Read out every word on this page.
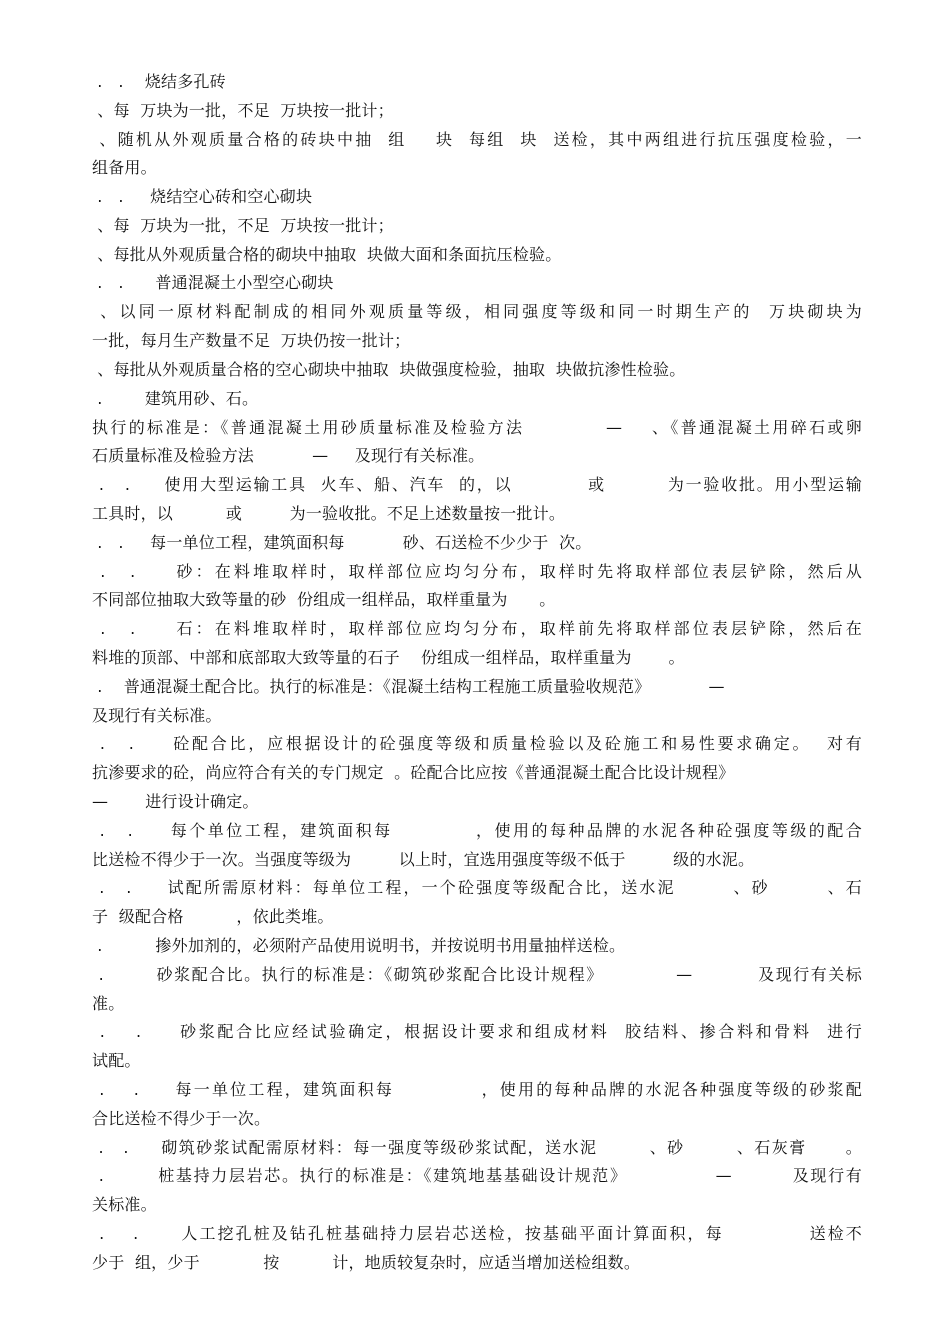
.   .    烧结多孔砖
、每  万块为一批，不足  万块按一批计；
、随机从外观质量合格的砖块中抽  组    块  每组  块  送检，其中两组进行抗压强度检验，一
组备用。
.   .     烧结空心砖和空心砌块
、每  万块为一批，不足  万块按一批计；
、每批从外观质量合格的砌块中抽取  块做大面和条面抗压检验。
.   .      普通混凝土小型空心砌块
、以同一原材料配制成的相同外观质量等级，相同强度等级和同一时期生产的  万块砌块为
一批，每月生产数量不足  万块仍按一批计；
、每批从外观质量合格的空心砌块中抽取  块做强度检验，抽取  块做抗渗性检验。
.        建筑用砂、石。
执行的标准是：《普通混凝土用砂质量标准及检验方法           —    、《普通混凝土用碎石或卵
石质量标准及检验方法           —     及现行有关标准。
.   .     使用大型运输工具  火车、船、汽车  的，以           或         为一验收批。用小型运输
工具时，以          或         为一验收批。不足上述数量按一批计。
.   .     每一单位工程，建筑面积每           砂、石送检不少少于  次。
.   .     砂：在料堆取样时，取样部位应均匀分布，取样时先将取样部位表层铲除，然后从
不同部位抽取大致等量的砂  份组成一组样品，取样重量为      。
.   .     石：在料堆取样时，取样部位应均匀分布，取样前先将取样部位表层铲除，然后在
料堆的顶部、中部和底部取大致等量的石子    份组成一组样品，取样重量为       。
.    普通混凝土配合比。执行的标准是：《混凝土结构工程施工质量验收规范》           —
及现行有关标准。
.   .     砼配合比，应根据设计的砼强度等级和质量检验以及砼施工和易性要求确定。  对有
抗渗要求的砼，尚应符合有关的专门规定  。砼配合比应按《普通混凝土配合比设计规程》
—       进行设计确定。
.   .     每个单位工程，建筑面积每           ，使用的每种品牌的水泥各种砼强度等级的配合
比送检不得少于一次。当强度等级为         以上时，宜选用强度等级不低于         级的水泥。
.   .     试配所需原材料：每单位工程，一个砼强度等级配合比，送水泥        、砂        、石
子  级配合格          ，依此类堆。
.          掺外加剂的，必须附产品使用说明书，并按说明书用量抽样送检。
.        砂浆配合比。执行的标准是：《砌筑砂浆配合比设计规程》           —          及现行有关标
准。
.    .     砂浆配合比应经试验确定，根据设计要求和组成材料  胶结料、掺合料和骨料  进行
试配。
.    .     每一单位工程，建筑面积每            ，使用的每种品牌的水泥各种强度等级的砂浆配
合比送检不得少于一次。
.   .     砌筑砂浆试配需原材料：每一强度等级砂浆试配，送水泥        、砂        、石灰膏      。
.        桩基持力层岩芯。执行的标准是：《建筑地基基础设计规范》             —         及现行有
关标准。
.    .      人工挖孔桩及钻孔桩基础持力层岩芯送检，按基础平面计算面积，每            送检不
少于  组，少于            按          计，地质较复杂时，应适当增加送检组数。
